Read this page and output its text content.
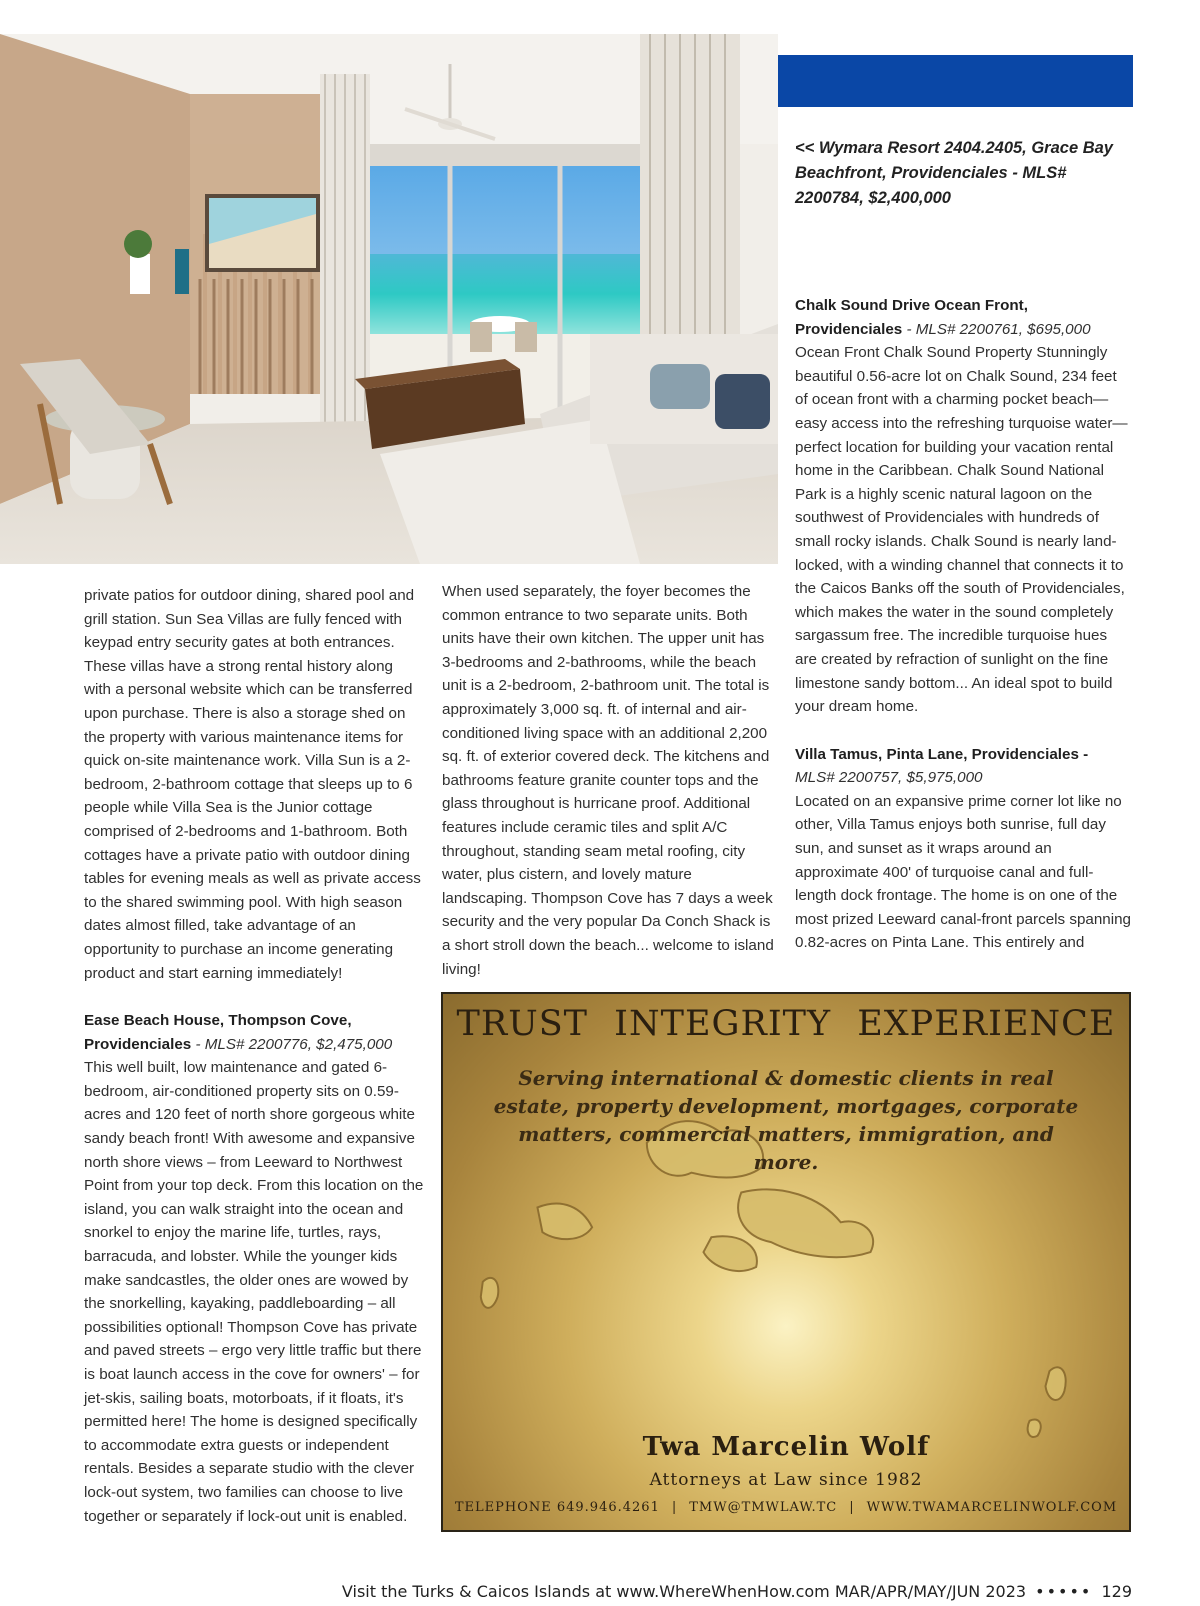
<< Wymara Resort 2404.2405, Grace Bay Beachfront, Providenciales - MLS# 2200784, $2,400,000

private patios for outdoor dining, shared pool and grill station. Sun Sea Villas are fully fenced with keypad entry security gates at both entrances. These villas have a strong rental history along with a personal website which can be transferred upon purchase. There is also a storage shed on the property with various maintenance items for quick on-site maintenance work. Villa Sun is a 2-bedroom, 2-bathroom cottage that sleeps up to 6 people while Villa Sea is the Junior cottage comprised of 2-bedrooms and 1-bathroom. Both cottages have a private patio with outdoor dining tables for evening meals as well as private access to the shared swimming pool. With high season dates almost filled, take advantage of an opportunity to purchase an income generating product and start earning immediately!

Ease Beach House, Thompson Cove, Providenciales - MLS# 2200776, $2,475,000
This well built, low maintenance and gated 6-bedroom, air-conditioned property sits on 0.59-acres and 120 feet of north shore gorgeous white sandy beach front! With awesome and expansive north shore views – from Leeward to Northwest Point from your top deck. From this location on the island, you can walk straight into the ocean and snorkel to enjoy the marine life, turtles, rays, barracuda, and lobster. While the younger kids make sandcastles, the older ones are wowed by the snorkelling, kayaking, paddleboarding – all possibilities optional! Thompson Cove has private and paved streets – ergo very little traffic but there is boat launch access in the cove for owners' – for jet-skis, sailing boats, motorboats, if it floats, it's permitted here! The home is designed specifically to accommodate extra guests or independent rentals. Besides a separate studio with the clever lock-out system, two families can choose to live together or separately if lock-out unit is enabled.

When used separately, the foyer becomes the common entrance to two separate units. Both units have their own kitchen. The upper unit has 3-bedrooms and 2-bathrooms, while the beach unit is a 2-bedroom, 2-bathroom unit. The total is approximately 3,000 sq. ft. of internal and air-conditioned living space with an additional 2,200 sq. ft. of exterior covered deck. The kitchens and bathrooms feature granite counter tops and the glass throughout is hurricane proof. Additional features include ceramic tiles and split A/C throughout, standing seam metal roofing, city water, plus cistern, and lovely mature landscaping. Thompson Cove has 7 days a week security and the very popular Da Conch Shack is a short stroll down the beach... welcome to island living!

Chalk Sound Drive Ocean Front, Providenciales - MLS# 2200761, $695,000
Ocean Front Chalk Sound Property Stunningly beautiful 0.56-acre lot on Chalk Sound, 234 feet of ocean front with a charming pocket beach—easy access into the refreshing turquoise water—perfect location for building your vacation rental home in the Caribbean. Chalk Sound National Park is a highly scenic natural lagoon on the southwest of Providenciales with hundreds of small rocky islands. Chalk Sound is nearly land-locked, with a winding channel that connects it to the Caicos Banks off the south of Providenciales, which makes the water in the sound completely sargassum free. The incredible turquoise hues are created by refraction of sunlight on the fine limestone sandy bottom... An ideal spot to build your dream home.

Villa Tamus, Pinta Lane, Providenciales -
MLS# 2200757, $5,975,000
Located on an expansive prime corner lot like no other, Villa Tamus enjoys both sunrise, full day sun, and sunset as it wraps around an approximate 400' of turquoise canal and full-length dock frontage. The home is on one of the most prized Leeward canal-front parcels spanning 0.82-acres on Pinta Lane. This entirely and

TRUST INTEGRITY EXPERIENCE
Serving international & domestic clients in real estate, property development, mortgages, corporate matters, commercial matters, immigration, and more.
Twa Marcelin Wolf
Attorneys at Law since 1982
TELEPHONE 649.946.4261 | TMW@TMWLAW.TC | WWW.TWAMARCELINWOLF.COM
Visit the Turks & Caicos Islands at www.WhereWhenHow.com MAR/APR/MAY/JUN 2023 ••••• 129
